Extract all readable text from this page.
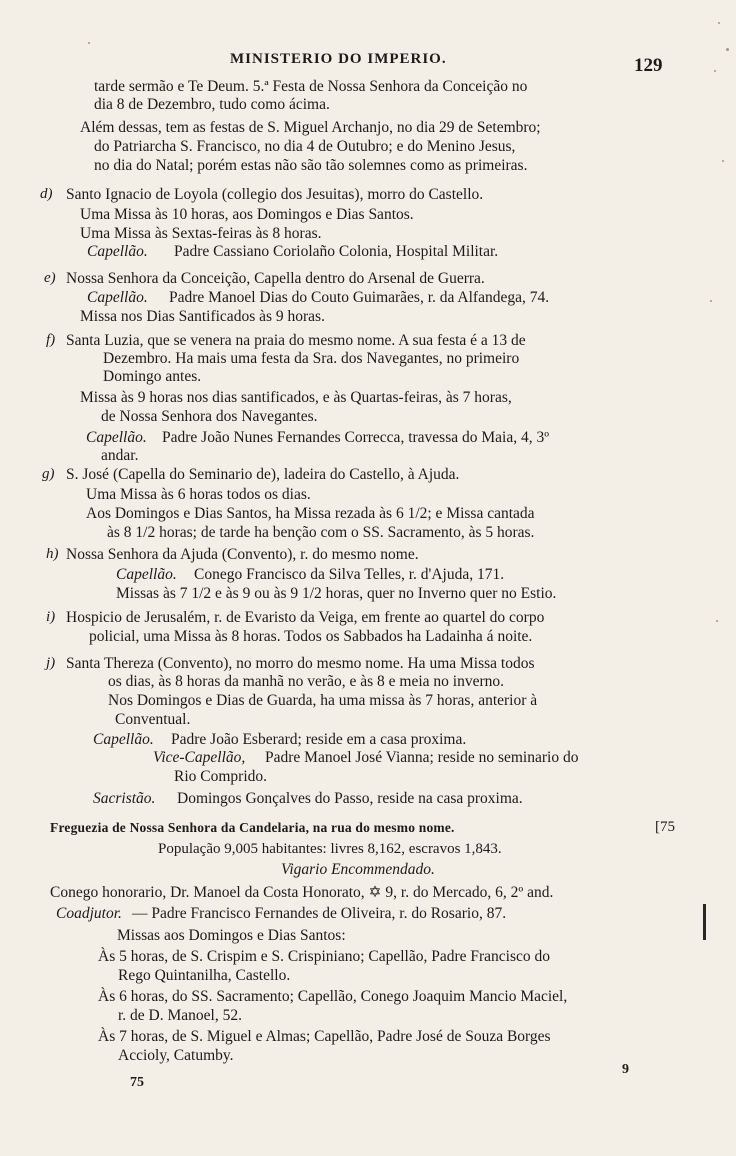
MINISTERIO DO IMPERIO.	129
tarde sermão e Te Deum. 5.ª Festa de Nossa Senhora da Conceição no
dia 8 de Dezembro, tudo como ácima.
Além dessas, tem as festas de S. Miguel Archanjo, no dia 29 de Setembro;
do Patriarcha S. Francisco, no dia 4 de Outubro; e do Menino Jesus,
no dia do Natal; porém estas não são tão solemnes como as primeiras.
d) Santo Ignacio de Loyola (collegio dos Jesuitas), morro do Castello.
Uma Missa às 10 horas, aos Domingos e Dias Santos.
Uma Missa às Sextas-feiras às 8 horas.
Capellão. Padre Cassiano Coriolaño Colonia, Hospital Militar.
e) Nossa Senhora da Conceição, Capella dentro do Arsenal de Guerra.
Capellão. Padre Manoel Dias do Couto Guimarães, r. da Alfandega, 74.
Missa nos Dias Santificados às 9 horas.
f) Santa Luzia, que se venera na praia do mesmo nome. A sua festa é a 13 de
Dezembro. Ha mais uma festa da Sra. dos Navegantes, no primeiro
Domingo antes.
Missa às 9 horas nos dias santificados, e às Quartas-feiras, às 7 horas,
de Nossa Senhora dos Navegantes.
Capellão. Padre João Nunes Fernandes Correcca, travessa do Maia, 4, 3º
andar.
g) S. José (Capella do Seminario de), ladeira do Castello, à Ajuda.
Uma Missa às 6 horas todos os dias.
Aos Domingos e Dias Santos, ha Missa rezada às 6 1/2; e Missa cantada
às 8 1/2 horas; de tarde ha benção com o SS. Sacramento, às 5 horas.
h) Nossa Senhora da Ajuda (Convento), r. do mesmo nome.
Capellão. Conego Francisco da Silva Telles, r. d'Ajuda, 171.
Missas às 7 1/2 e às 9 ou às 9 1/2 horas, quer no Inverno quer no Estio.
i) Hospicio de Jerusalém, r. de Evaristo da Veiga, em frente ao quartel do corpo
policial, uma Missa às 8 horas. Todos os Sabbados ha Ladainha á noite.
j) Santa Thereza (Convento), no morro do mesmo nome. Ha uma Missa todos
os dias, às 8 horas da manhã no verão, e às 8 e meia no inverno.
Nos Domingos e Dias de Guarda, ha uma missa às 7 horas, anterior à
Conventual.
Capellão. Padre João Esberard; reside em a casa proxima.
Vice-Capellão, Padre Manoel José Vianna; reside no seminario do
Rio Comprido.
Sacristão. Domingos Gonçalves do Passo, reside na casa proxima.
Freguezia de Nossa Senhora da Candelaria, na rua do mesmo nome.	[75
População 9,005 habitantes: livres 8,162, escravos 1,843.
Vigario Encommendado.
Conego honorario, Dr. Manoel da Costa Honorato, ✡ 9, r. do Mercado, 6, 2º and.
Coadjutor. — Padre Francisco Fernandes de Oliveira, r. do Rosario, 87.
Missas aos Domingos e Dias Santos:
Às 5 horas, de S. Crispim e S. Crispiniano; Capellão, Padre Francisco do
Rego Quintanilha, Castello.
Às 6 horas, do SS. Sacramento; Capellão, Conego Joaquim Mancio Maciel,
r. de D. Manoel, 52.
Às 7 horas, de S. Miguel e Almas; Capellão, Padre José de Souza Borges
Accioly, Catumby.
75
9
